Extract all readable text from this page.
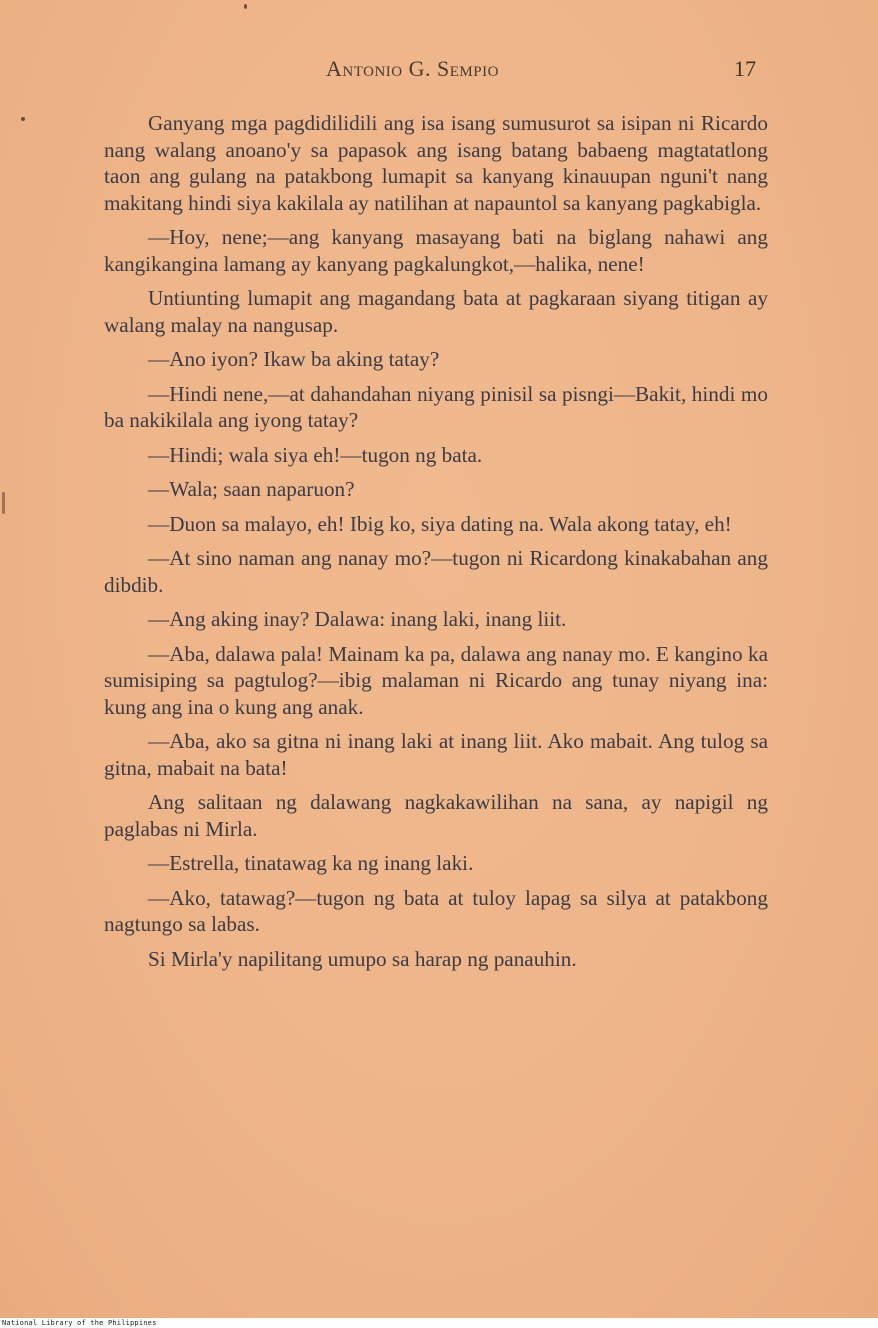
Antonio G. Sempio	17

Ganyang mga pagdidilidili ang isa isang sumusurot sa isipan ni Ricardo nang walang anoano'y sa papasok ang isang batang babaeng magtatatlong taon ang gulang na patakbong lumapit sa kanyang kinauupan nguni't nang makitang hindi siya kakilala ay natilihan at napauntol sa kanyang pagkabigla.

—Hoy, nene;—ang kanyang masayang bati na biglang nahawi ang kangikangina lamang ay kanyang pagkalungkot,—halika, nene!

Untiunting lumapit ang magandang bata at pagkaraan siyang titigan ay walang malay na nangusap.

—Ano iyon? Ikaw ba aking tatay?

—Hindi nene,—at dahandahan niyang pinisil sa pisngi—Bakit, hindi mo ba nakikilala ang iyong tatay?

—Hindi; wala siya eh!—tugon ng bata.

—Wala; saan naparuon?

—Duon sa malayo, eh! Ibig ko, siya dating na. Wala akong tatay, eh!

—At sino naman ang nanay mo?—tugon ni Ricardong kinakabahan ang dibdib.

—Ang aking inay? Dalawa: inang laki, inang liit.

—Aba, dalawa pala! Mainam ka pa, dalawa ang nanay mo. E kangino ka sumisiping sa pagtulog?—ibig malaman ni Ricardo ang tunay niyang ina: kung ang ina o kung ang anak.

—Aba, ako sa gitna ni inang laki at inang liit. Ako mabait. Ang tulog sa gitna, mabait na bata!

Ang salitaan ng dalawang nagkakawilihan na sana, ay napigil ng paglabas ni Mirla.

—Estrella, tinatawag ka ng inang laki.

—Ako, tatawag?—tugon ng bata at tuloy lapag sa silya at patakbong nagtungo sa labas.

Si Mirla'y napilitang umupo sa harap ng panauhin.

National Library of the Philippines
